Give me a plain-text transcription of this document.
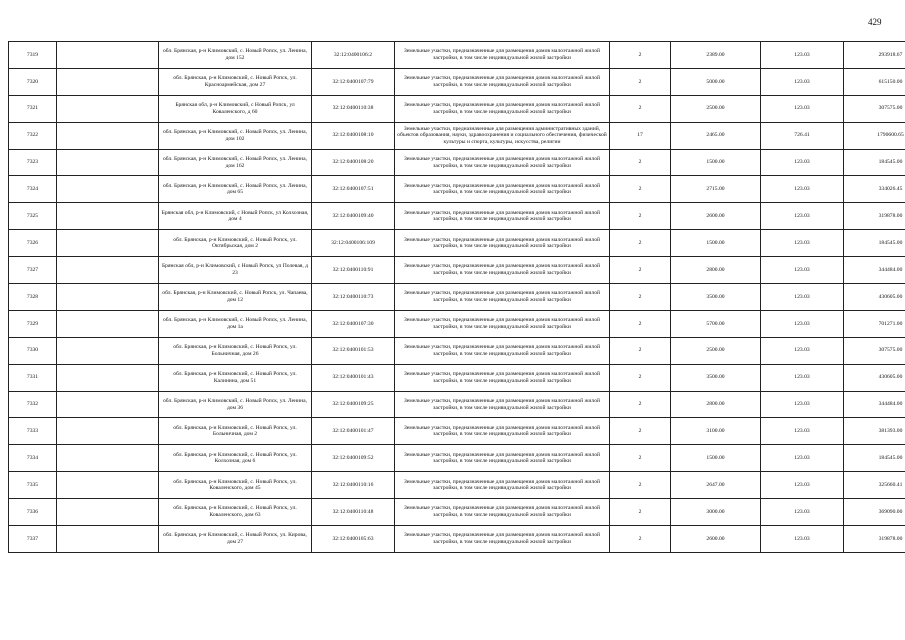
429
7319		обл. Брянская, р-н Климовский, с. Новый Ропск, ул. Ленина, дом 152	32:12:0400106:2	Земельные участки, предназначенные для размещения домов малоэтажной жилой застройки, в том числе индивидуальной жилой застройки	2	2389.00	123.03	293918.67
7320		обл. Брянская, р-н Климовский, с. Новый Ропск, ул. Красноармейская, дом 27	32:12:0400107:79	Земельные участки, предназначенные для размещения домов малоэтажной жилой застройки, в том числе индивидуальной жилой застройки	2	5000.00	123.03	615150.00
7321		Брянская обл, р-н Климовский, с Новый Ропск, ул Коваленского, д 60	32:12:0400110:38	Земельные участки, предназначенные для размещения домов малоэтажной жилой застройки, в том числе индивидуальной жилой застройки	2	2500.00	123.03	307575.00
7322		обл. Брянская, р-н Климовский, с. Новый Ропск, ул. Ленина, дом 102	32:12:0400108:10	Земельные участки, предназначенные для размещения административных зданий, объектов образования, науки, здравоохранения и социального обеспечения, физической культуры и спорта, культуры, искусства, религии	17	2465.00	726.41	1790600.65
7323		обл. Брянская, р-н Климовский, с. Новый Ропск, ул. Ленина, дом 162	32:12:0400108:20	Земельные участки, предназначенные для размещения домов малоэтажной жилой застройки, в том числе индивидуальной жилой застройки	2	1500.00	123.03	184545.00
7324		обл. Брянская, р-н Климовский, с. Новый Ропск, ул. Ленина, дом 65	32:12:0400107:51	Земельные участки, предназначенные для размещения домов малоэтажной жилой застройки, в том числе индивидуальной жилой застройки	2	2715.00	123.03	334026.45
7325		Брянская обл, р-н Климовский, с Новый Ропск, ул Колхозная, дом 4	32:12:0400109:40	Земельные участки, предназначенные для размещения домов малоэтажной жилой застройки, в том числе индивидуальной жилой застройки	2	2600.00	123.03	319878.00
7326		обл. Брянская, р-н Климовский, с. Новый Ропск, ул. Октябрьская, дом 2	32:12:0400106:109	Земельные участки, предназначенные для размещения домов малоэтажной жилой застройки, в том числе индивидуальной жилой застройки	2	1500.00	123.03	184545.00
7327		Брянская обл, р-н Климовский, с Новый Ропск, ул Полевая, д 23	32:12:0400110:91	Земельные участки, предназначенные для размещения домов малоэтажной жилой застройки, в том числе индивидуальной жилой застройки	2	2800.00	123.03	344484.00
7328		обл. Брянская, р-н Климовский, с. Новый Ропск, ул. Чапаева, дом 12	32:12:0400110:73	Земельные участки, предназначенные для размещения домов малоэтажной жилой застройки, в том числе индивидуальной жилой застройки	2	3500.00	123.03	430605.00
7329		обл. Брянская, р-н Климовский, с. Новый Ропск, ул. Ленина, дом 1а	32:12:0400107:30	Земельные участки, предназначенные для размещения домов малоэтажной жилой застройки, в том числе индивидуальной жилой застройки	2	5700.00	123.03	701271.00
7330		обл. Брянская, р-н Климовский, с. Новый Ропск, ул. Больничная, дом 26	32:12:0400101:53	Земельные участки, предназначенные для размещения домов малоэтажной жилой застройки, в том числе индивидуальной жилой застройки	2	2500.00	123.03	307575.00
7331		обл. Брянская, р-н Климовский, с. Новый Ропск, ул. Калинина, дом 51	32:12:0400101:43	Земельные участки, предназначенные для размещения домов малоэтажной жилой застройки, в том числе индивидуальной жилой застройки	2	3500.00	123.03	430605.00
7332		обл. Брянская, р-н Климовский, с. Новый Ропск, ул. Ленина, дом 36	32:12:0400109:25	Земельные участки, предназначенные для размещения домов малоэтажной жилой застройки, в том числе индивидуальной жилой застройки	2	2800.00	123.03	344484.00
7333		обл. Брянская, р-н Климовский, с. Новый Ропск, ул. Больничная, дом 2	32:12:0400101:47	Земельные участки, предназначенные для размещения домов малоэтажной жилой застройки, в том числе индивидуальной жилой застройки	2	3100.00	123.03	381393.00
7334		обл. Брянская, р-н Климовский, с. Новый Ропск, ул. Колхозная, дом 6	32:12:0400109:52	Земельные участки, предназначенные для размещения домов малоэтажной жилой застройки, в том числе индивидуальной жилой застройки	2	1500.00	123.03	184545.00
7335		обл. Брянская, р-н Климовский, с. Новый Ропск, ул. Коваленского, дом 45	32:12:0400110:16	Земельные участки, предназначенные для размещения домов малоэтажной жилой застройки, в том числе индивидуальной жилой застройки	2	2647.00	123.03	325660.41
7336		обл. Брянская, р-н Климовский, с. Новый Ропск, ул. Коваленского, дом 63	32:12:0400110:48	Земельные участки, предназначенные для размещения домов малоэтажной жилой застройки, в том числе индивидуальной жилой застройки	2	3000.00	123.03	369090.00
7337		обл. Брянская, р-н Климовский, с. Новый Ропск, ул. Кирова, дом 27	32:12:0400105:63	Земельные участки, предназначенные для размещения домов малоэтажной жилой застройки, в том числе индивидуальной жилой застройки	2	2600.00	123.03	319878.00
